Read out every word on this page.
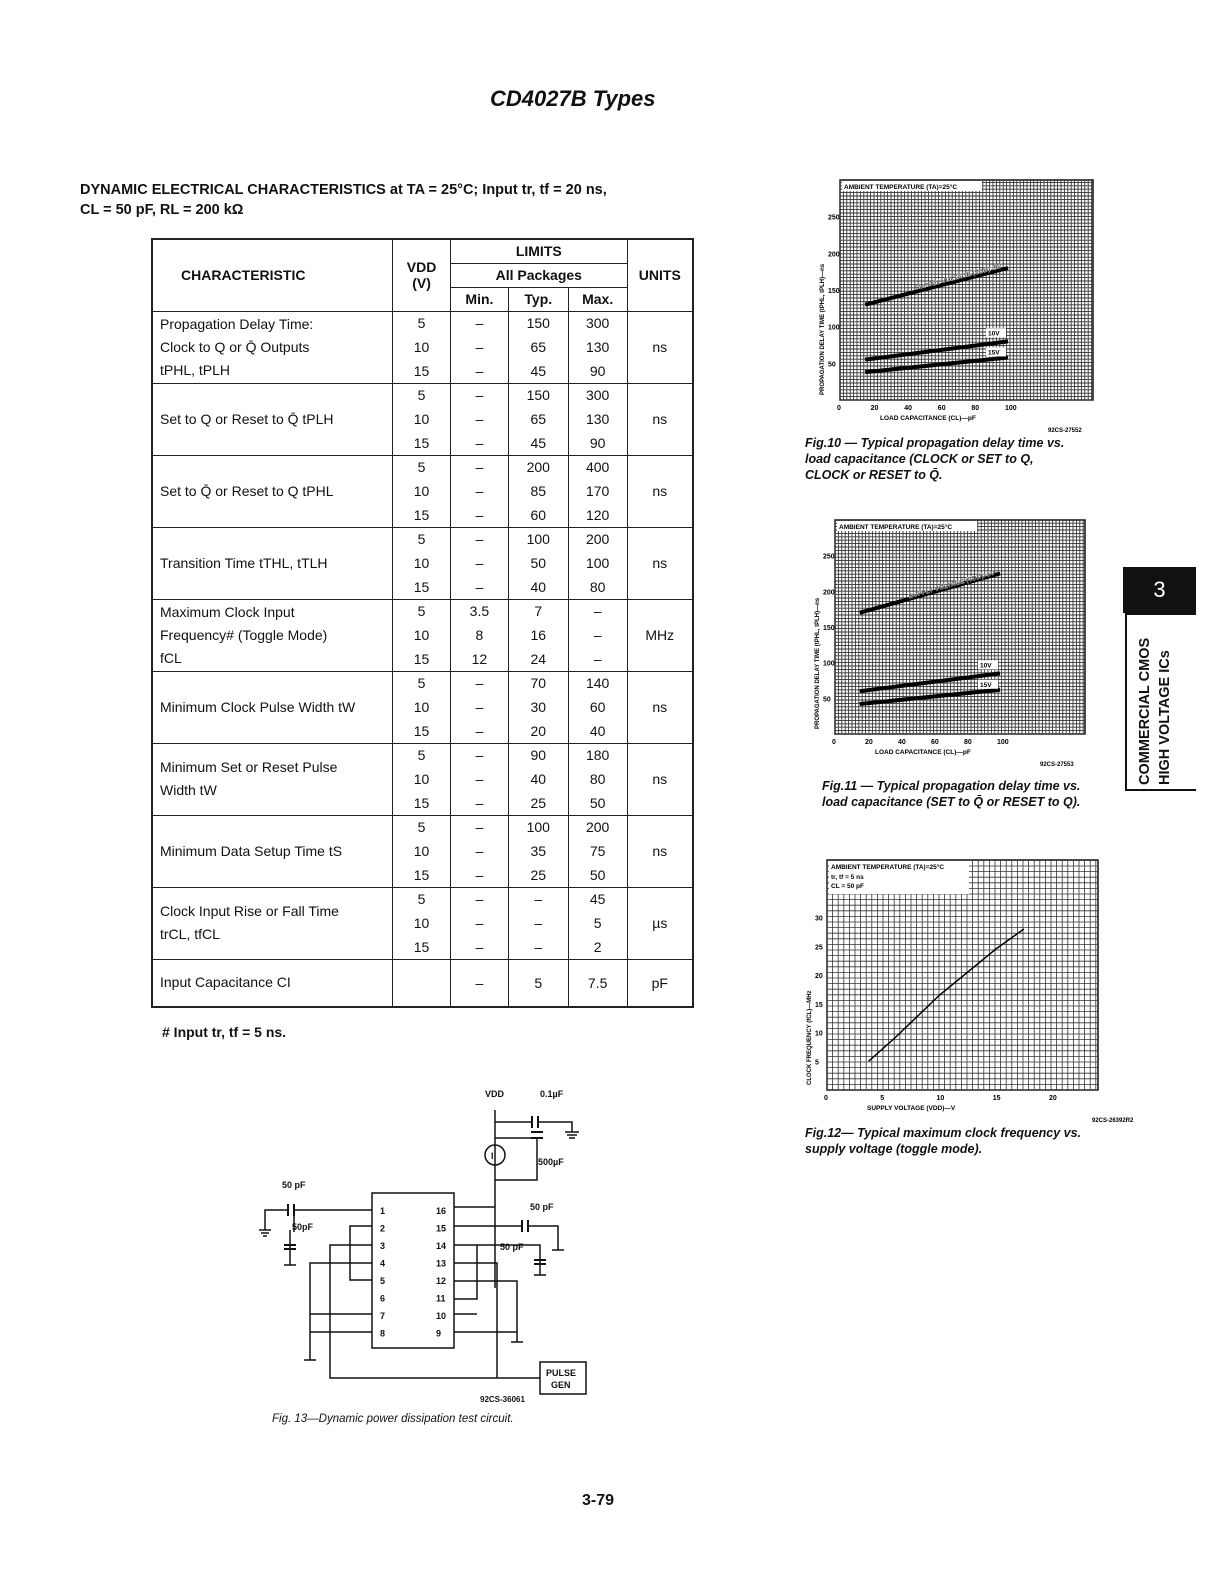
CD4027B Types
DYNAMIC ELECTRICAL CHARACTERISTICS at TA = 25°C; Input tr, tf = 20 ns,
CL = 50 pF, RL = 200 kΩ
CHARACTERISTIC	VDD
(V)	LIMITS			UNITS
		All Packages			
		Min.	Typ.	Max.	
Propagation Delay Time:
Clock to Q or Q̄ Outputs
tPHL, tPLH	5	–	150	300	ns
	10	–	65	130	
	15	–	45	90	
Set to Q or Reset to Q̄ tPLH	5	–	150	300	ns
	10	–	65	130	
	15	–	45	90	
Set to Q̄ or Reset to Q tPHL	5	–	200	400	ns
	10	–	85	170	
	15	–	60	120	
Transition Time tTHL, tTLH	5	–	100	200	ns
	10	–	50	100	
	15	–	40	80	
Maximum Clock Input
Frequency# (Toggle Mode)
fCL	5	3.5	7	–	MHz
	10	8	16	–	
	15	12	24	–	
Minimum Clock Pulse Width tW	5	–	70	140	ns
	10	–	30	60	
	15	–	20	40	
Minimum Set or Reset Pulse
Width tW	5	–	90	180	ns
	10	–	40	80	
	15	–	25	50	
Minimum Data Setup Time tS	5	–	100	200	ns
	10	–	35	75	
	15	–	25	50	
Clock Input Rise or Fall Time
trCL, tfCL	5	–	–	45	µs
	10	–	–	5	
	15	–	–	2	
Input Capacitance CI		–	5	7.5	pF
# Input tr, tf = 5 ns.
0	20	40	60	80	100
50
100
150
200
250
AMBIENT TEMPERATURE (TA)=25°C
LOAD CAPACITANCE (CL)—pF
92CS-27552
PROPAGATION DELAY TIME (tPHL, tPLH)—ns	SUPPLY VOLTAGE (VDD)=5V
10V
15V
Fig.10 — Typical propagation delay time vs. load capacitance (CLOCK or SET to Q, CLOCK or RESET to Q̄.
0	20	40	60	80	100
50
100
150
200
250
AMBIENT TEMPERATURE (TA)=25°C
LOAD CAPACITANCE (CL)—pF
92CS-27553
PROPAGATION DELAY TIME (tPHL, tPLH)—ns
SUPPLY VOLTAGE (VDD)=5V
10V
15V
Fig.11 — Typical propagation delay time vs. load capacitance (SET to Q̄ or RESET to Q).
0	5	10	15	20
5
10
15
20
25
30
AMBIENT TEMPERATURE (TA)=25°C
SUPPLY VOLTAGE (VDD)—V
92CS-26392R2
CLOCK FREQUENCY (fCL)—MHz
tr, tf = 5 ns
CL = 50 pF
Fig.12— Typical maximum clock frequency vs. supply voltage (toggle mode).
1
2
3
4
5
6
7
8
16
15
14
13
12
11
10
9
VDD	0.1µF
500µF
50 pF
50pF
50 pF
50 pF
I
PULSE
GEN
92CS-36061
Fig. 13—Dynamic power dissipation test circuit.
3
COMMERCIAL CMOS HIGH VOLTAGE ICs
3-79
